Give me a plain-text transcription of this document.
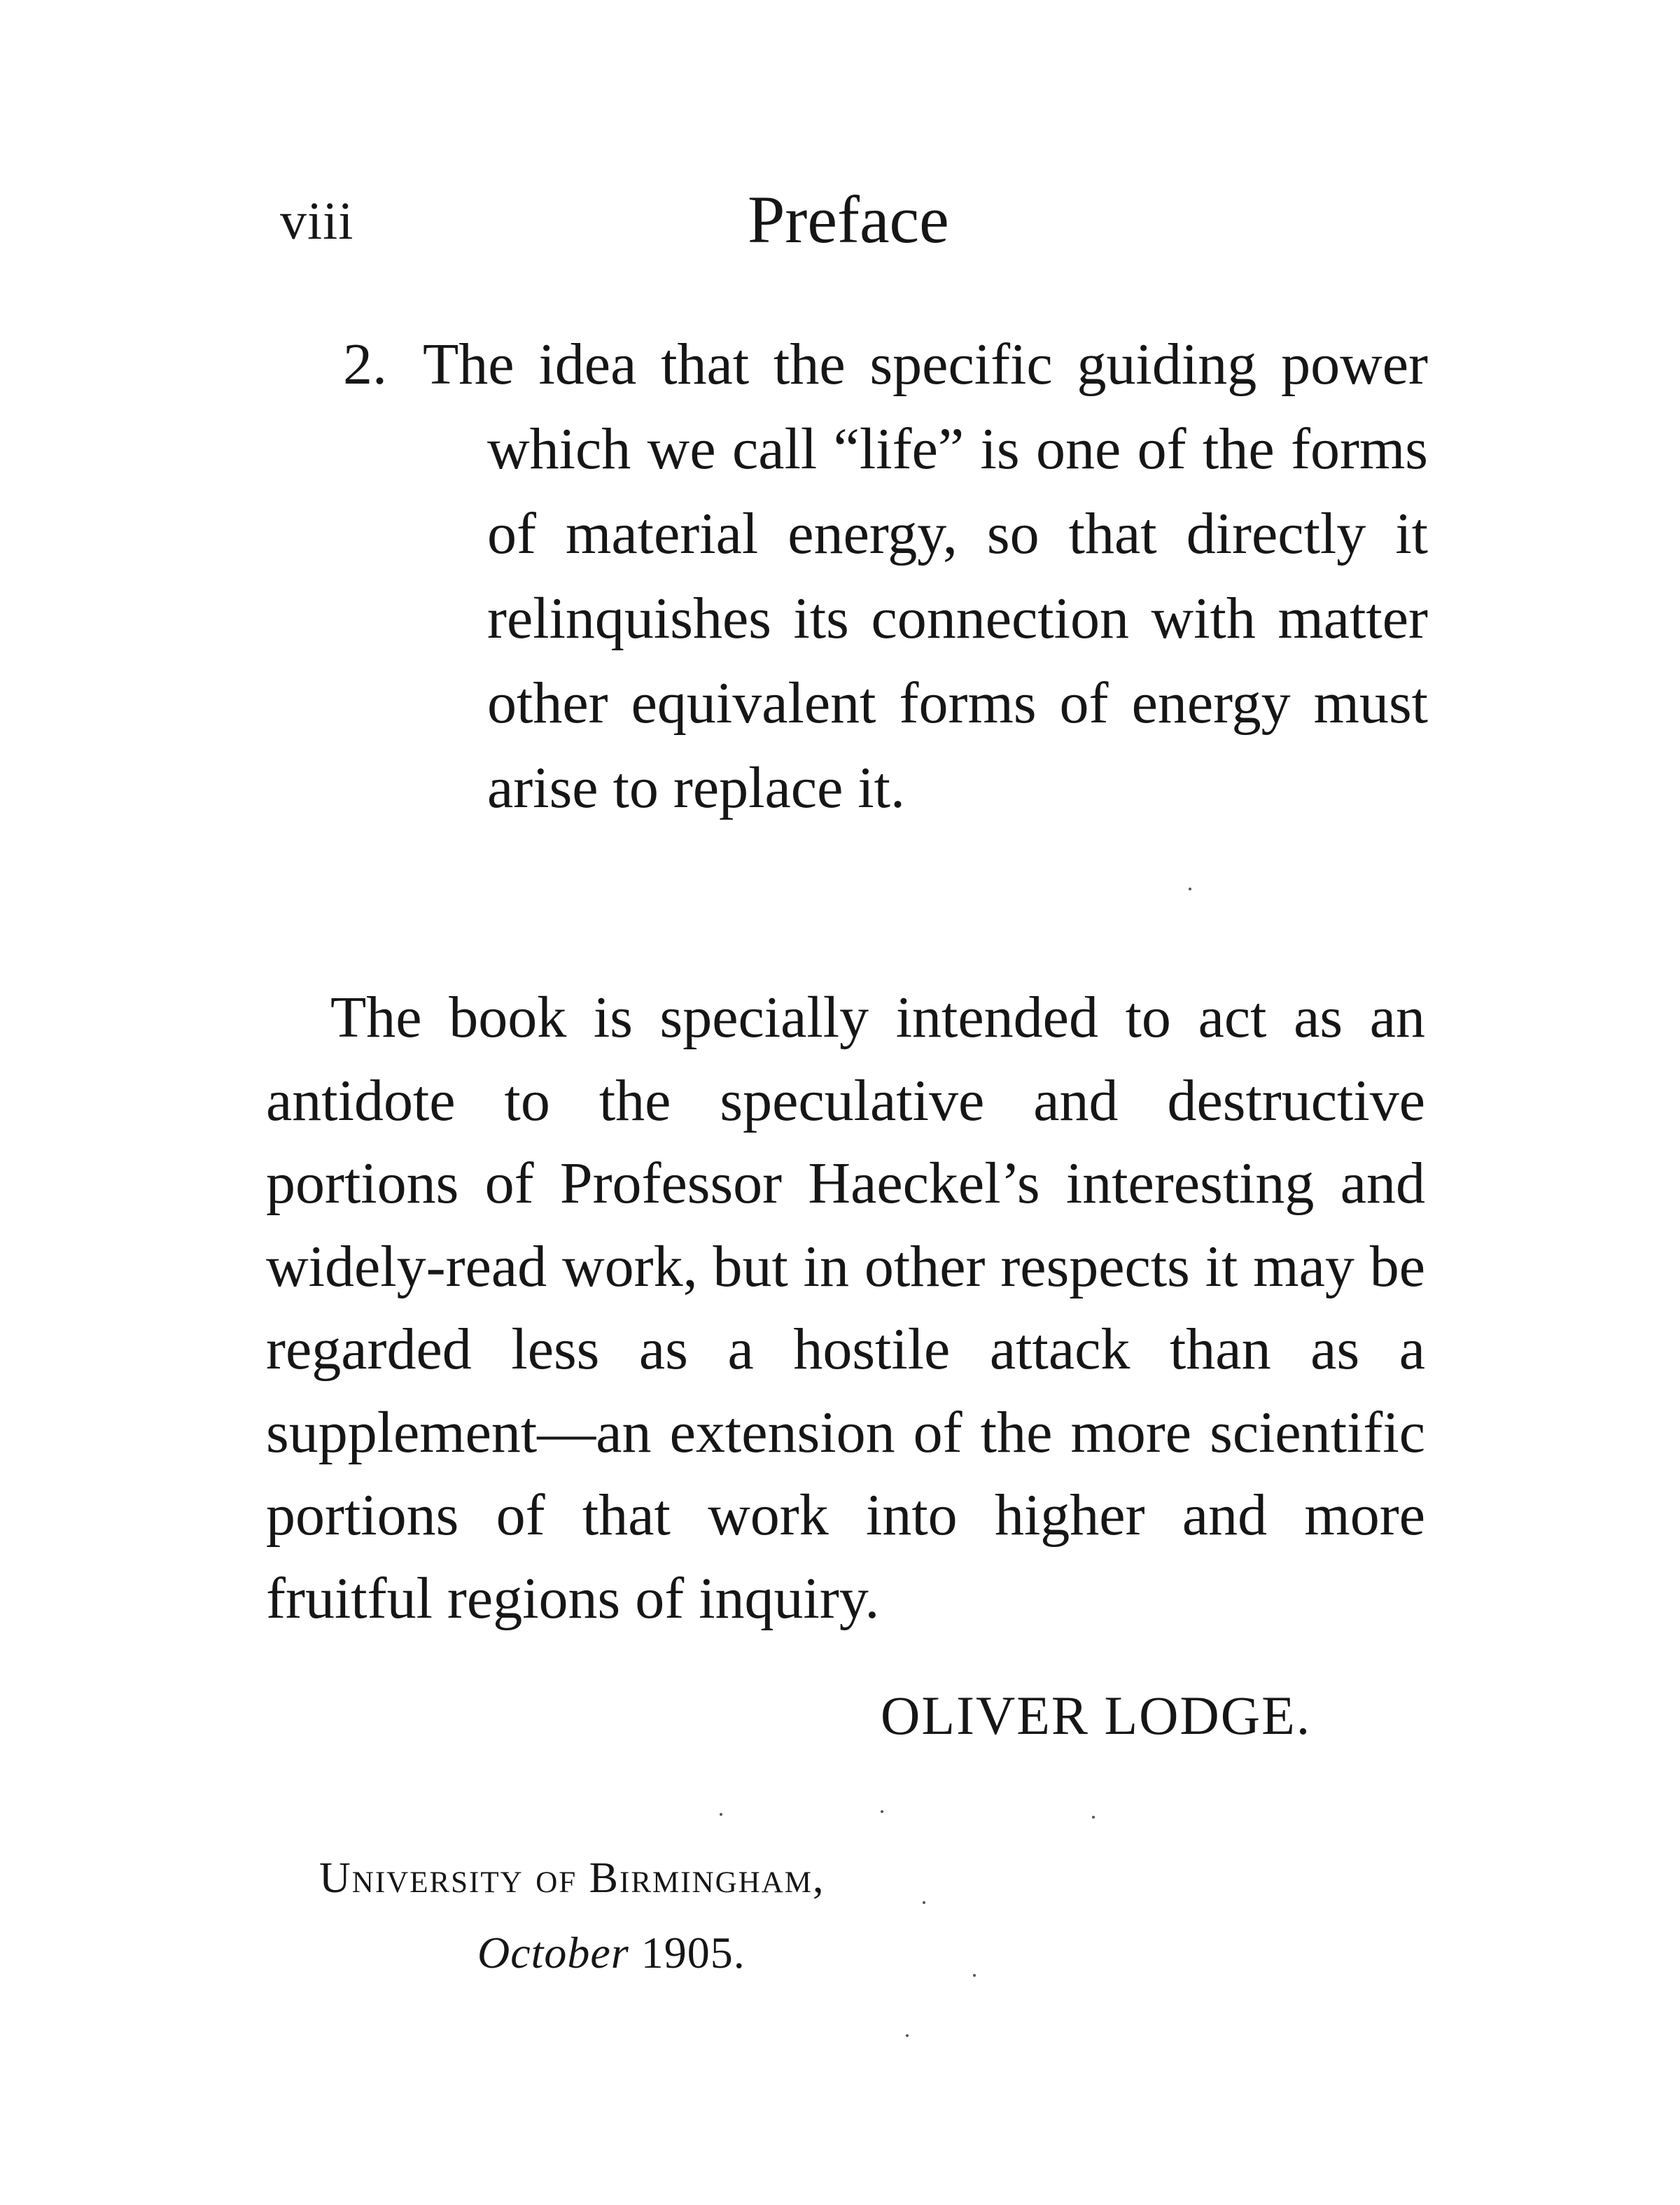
viii	Preface
2. The idea that the specific guiding power which we call “life” is one of the forms of material energy, so that directly it relinquishes its connection with matter other equivalent forms of energy must arise to replace it.

The book is specially intended to act as an antidote to the speculative and destructive portions of Professor Haeckel’s interesting and widely-read work, but in other respects it may be regarded less as a hostile attack than as a supplement—an extension of the more scientific portions of that work into higher and more fruitful regions of inquiry.

OLIVER LODGE.
University of Birmingham,
October 1905.
